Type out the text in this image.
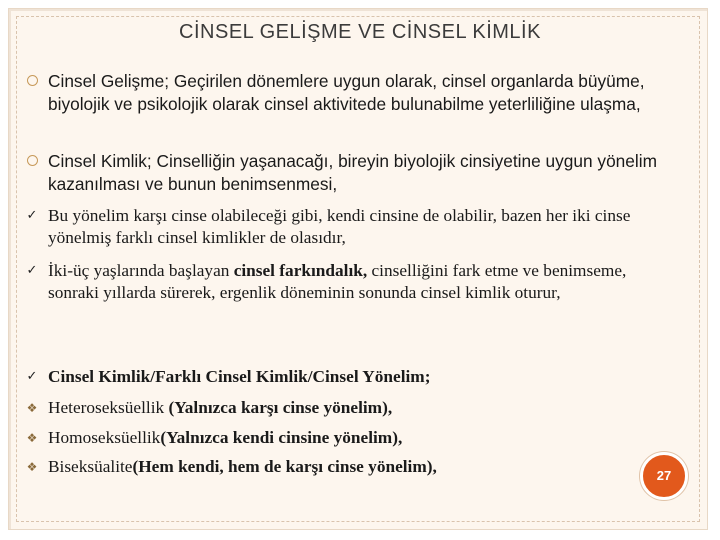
CİNSEL GELİŞME VE CİNSEL KİMLİK
Cinsel Gelişme; Geçirilen dönemlere uygun olarak, cinsel organlarda büyüme, biyolojik ve psikolojik olarak cinsel aktivitede bulunabilme yeterliliğine ulaşma,
Cinsel Kimlik; Cinselliğin yaşanacağı, bireyin biyolojik cinsiyetine uygun yönelim kazanılması ve bunun benimsenmesi,
✓ Bu yönelim karşı cinse olabileceği gibi, kendi cinsine de olabilir, bazen her iki cinse yönelmiş farklı cinsel kimlikler de olasıdır,
✓ İki-üç yaşlarında başlayan cinsel farkındalık, cinselliğini fark etme ve benimseme, sonraki yıllarda sürerek, ergenlik döneminin sonunda cinsel kimlik oturur,
✓ Cinsel Kimlik/Farklı Cinsel Kimlik/Cinsel Yönelim;
❖ Heteroseksüellik (Yalnızca karşı cinse yönelim),
❖ Homoseksüellik(Yalnızca kendi cinsine yönelim),
❖ Biseksüalite(Hem kendi, hem de karşı cinse yönelim),	27
